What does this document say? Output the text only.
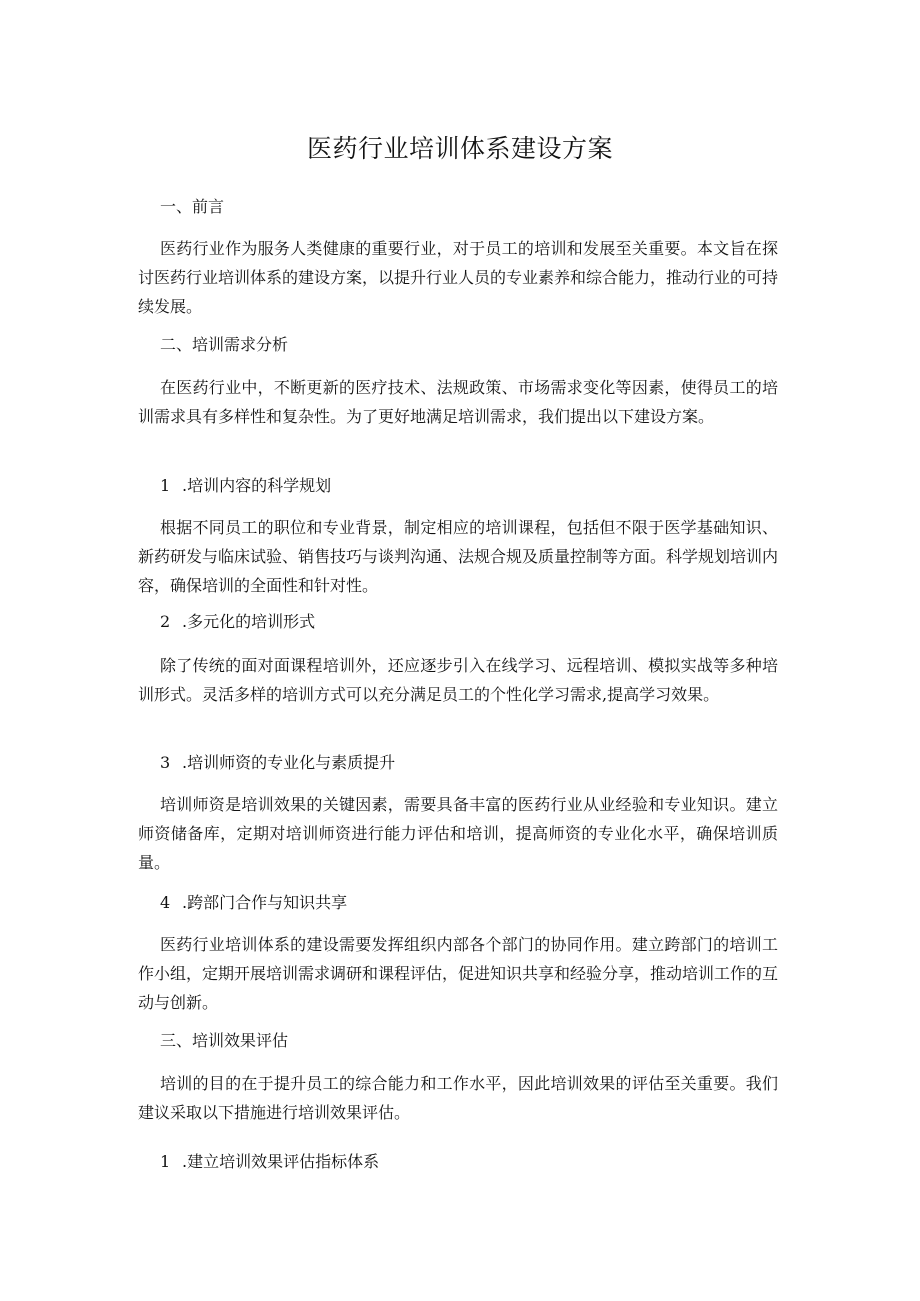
医药行业培训体系建设方案
一、前言
医药行业作为服务人类健康的重要行业，对于员工的培训和发展至关重要。本文旨在探讨医药行业培训体系的建设方案，以提升行业人员的专业素养和综合能力，推动行业的可持续发展。
二、培训需求分析
在医药行业中，不断更新的医疗技术、法规政策、市场需求变化等因素，使得员工的培训需求具有多样性和复杂性。为了更好地满足培训需求，我们提出以下建设方案。
1 .培训内容的科学规划
根据不同员工的职位和专业背景，制定相应的培训课程，包括但不限于医学基础知识、新药研发与临床试验、销售技巧与谈判沟通、法规合规及质量控制等方面。科学规划培训内容，确保培训的全面性和针对性。
2 .多元化的培训形式
除了传统的面对面课程培训外，还应逐步引入在线学习、远程培训、模拟实战等多种培训形式。灵活多样的培训方式可以充分满足员工的个性化学习需求,提高学习效果。
3 .培训师资的专业化与素质提升
培训师资是培训效果的关键因素，需要具备丰富的医药行业从业经验和专业知识。建立师资储备库，定期对培训师资进行能力评估和培训，提高师资的专业化水平，确保培训质量。
4 .跨部门合作与知识共享
医药行业培训体系的建设需要发挥组织内部各个部门的协同作用。建立跨部门的培训工作小组，定期开展培训需求调研和课程评估，促进知识共享和经验分享，推动培训工作的互动与创新。
三、培训效果评估
培训的目的在于提升员工的综合能力和工作水平，因此培训效果的评估至关重要。我们建议采取以下措施进行培训效果评估。
1 .建立培训效果评估指标体系
